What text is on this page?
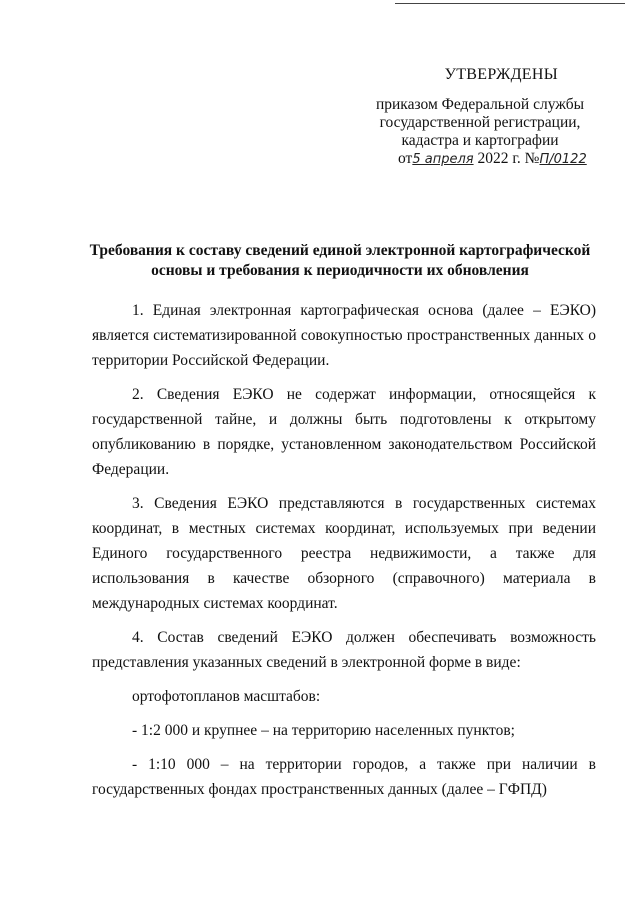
УТВЕРЖДЕНЫ
приказом Федеральной службы
государственной регистрации,
кадастра и картографии
от5 апреля 2022 г. №П/0122
Требования к составу сведений единой электронной картографической
основы и требования к периодичности их обновления

1. Единая электронная картографическая основа (далее – ЕЭКО) является систематизированной совокупностью пространственных данных о территории Российской Федерации.

2. Сведения ЕЭКО не содержат информации, относящейся к государственной тайне, и должны быть подготовлены к открытому опубликованию в порядке, установленном законодательством Российской Федерации.

3. Сведения ЕЭКО представляются в государственных системах координат, в местных системах координат, используемых при ведении Единого государственного реестра недвижимости, а также для использования в качестве обзорного (справочного) материала в международных системах координат.

4. Состав сведений ЕЭКО должен обеспечивать возможность представления указанных сведений в электронной форме в виде:

ортофотопланов масштабов:

- 1:2 000 и крупнее – на территорию населенных пунктов;

- 1:10 000 – на территории городов, а также при наличии в государственных фондах пространственных данных (далее – ГФПД)
